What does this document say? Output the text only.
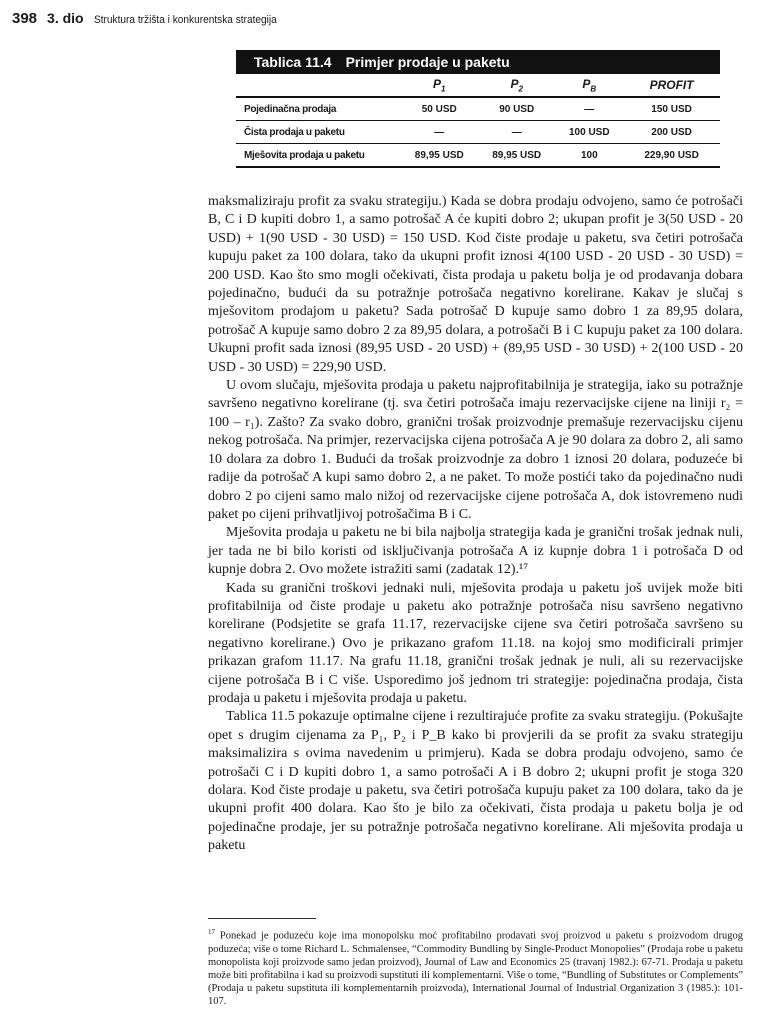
398 3. dio Struktura tržišta i konkurentska strategija
Tablica 11.4 Primjer prodaje u paketu
	$P_1$	$P_2$	$P_B$	PROFIT
Pojedinačna prodaja	50 USD	90 USD	—	150 USD
Čista prodaja u paketu	—	—	100 USD	200 USD
Mješovita prodaja u paketu	89,95 USD	89,95 USD	100	229,90 USD

maksmaliziraju profit za svaku strategiju.) Kada se dobra prodaju odvojeno, samo će potrošači B, C i D kupiti dobro 1, a samo potrošač A će kupiti dobro 2; ukupan profit je 3(50 USD - 20 USD) + 1(90 USD - 30 USD) = 150 USD. Kod čiste prodaje u paketu, sva četiri potrošača kupuju paket za 100 dolara, tako da ukupni profit iznosi 4(100 USD - 20 USD - 30 USD) = 200 USD. Kao što smo mogli očekivati, čista prodaja u paketu bolja je od prodavanja dobara pojedinačno, budući da su potražnje potrošača negativno korelirane. Kakav je slučaj s mješovitom prodajom u paketu? Sada potrošač D kupuje samo dobro 1 za 89,95 dolara, potrošač A kupuje samo dobro 2 za 89,95 dolara, a potrošači B i C kupuju paket za 100 dolara. Ukupni profit sada iznosi (89,95 USD - 20 USD) + (89,95 USD - 30 USD) + 2(100 USD - 20 USD - 30 USD) = 229,90 USD.

U ovom slučaju, mješovita prodaja u paketu najprofitabilnija je strategija, iako su potražnje savršeno negativno korelirane (tj. sva četiri potrošača imaju rezervacijske cijene na liniji r₂ = 100 – r₁). Zašto? Za svako dobro, granični trošak proizvodnje premašuje rezervacijsku cijenu nekog potrošača. Na primjer, rezervacijska cijena potrošača A je 90 dolara za dobro 2, ali samo 10 dolara za dobro 1. Budući da trošak proizvodnje za dobro 1 iznosi 20 dolara, poduzeće bi radije da potrošač A kupi samo dobro 2, a ne paket. To može postići tako da pojedinačno nudi dobro 2 po cijeni samo malo nižoj od rezervacijske cijene potrošača A, dok istovremeno nudi paket po cijeni prihvatljivoj potrošačima B i C.

Mješovita prodaja u paketu ne bi bila najbolja strategija kada je granični trošak jednak nuli, jer tada ne bi bilo koristi od isključivanja potrošača A iz kupnje dobra 1 i potrošača D od kupnje dobra 2. Ovo možete istražiti sami (zadatak 12).¹⁷

Kada su granični troškovi jednaki nuli, mješovita prodaja u paketu još uvijek može biti profitabilnija od čiste prodaje u paketu ako potražnje potrošača nisu savršeno negativno korelirane (Podsjetite se grafa 11.17, rezervacijske cijene sva četiri potrošača savršeno su negativno korelirane.) Ovo je prikazano grafom 11.18. na kojoj smo modificirali primjer prikazan grafom 11.17. Na grafu 11.18, granični trošak jednak je nuli, ali su rezervacijske cijene potrošača B i C više. Usporedimo još jednom tri strategije: pojedinačna prodaja, čista prodaja u paketu i mješovita prodaja u paketu.

Tablica 11.5 pokazuje optimalne cijene i rezultirajuće profite za svaku strategiju. (Pokušajte opet s drugim cijenama za P₁, P₂ i P_B kako bi provjerili da se profit za svaku strategiju maksimalizira s ovima navedenim u primjeru). Kada se dobra prodaju odvojeno, samo će potrošači C i D kupiti dobro 1, a samo potrošači A i B dobro 2; ukupni profit je stoga 320 dolara. Kod čiste prodaje u paketu, sva četiri potrošača kupuju paket za 100 dolara, tako da je ukupni profit 400 dolara. Kao što je bilo za očekivati, čista prodaja u paketu bolja je od pojedinačne prodaje, jer su potražnje potrošača negativno korelirane. Ali mješovita prodaja u paketu

$^{17}$ Ponekad je poduzeću koje ima monopolsku moć profitabilno prodavati svoj proizvod u paketu s proizvodom drugog poduzeća; više o tome Richard L. Schmalensee, “Commodity Bundling by Single-Product Monopolies” (Prodaja robe u paketu monopolista koji proizvode samo jedan proizvod), Journal of Law and Economics 25 (travanj 1982.): 67-71. Prodaja u paketu može biti profitabilna i kad su proizvodi supstituti ili komplementarni. Više o tome, “Bundling of Substitutes or Complements” (Prodaja u paketu supstituta ili komplementarnih proizvoda), International Journal of Industrial Organization 3 (1985.): 101-107.
